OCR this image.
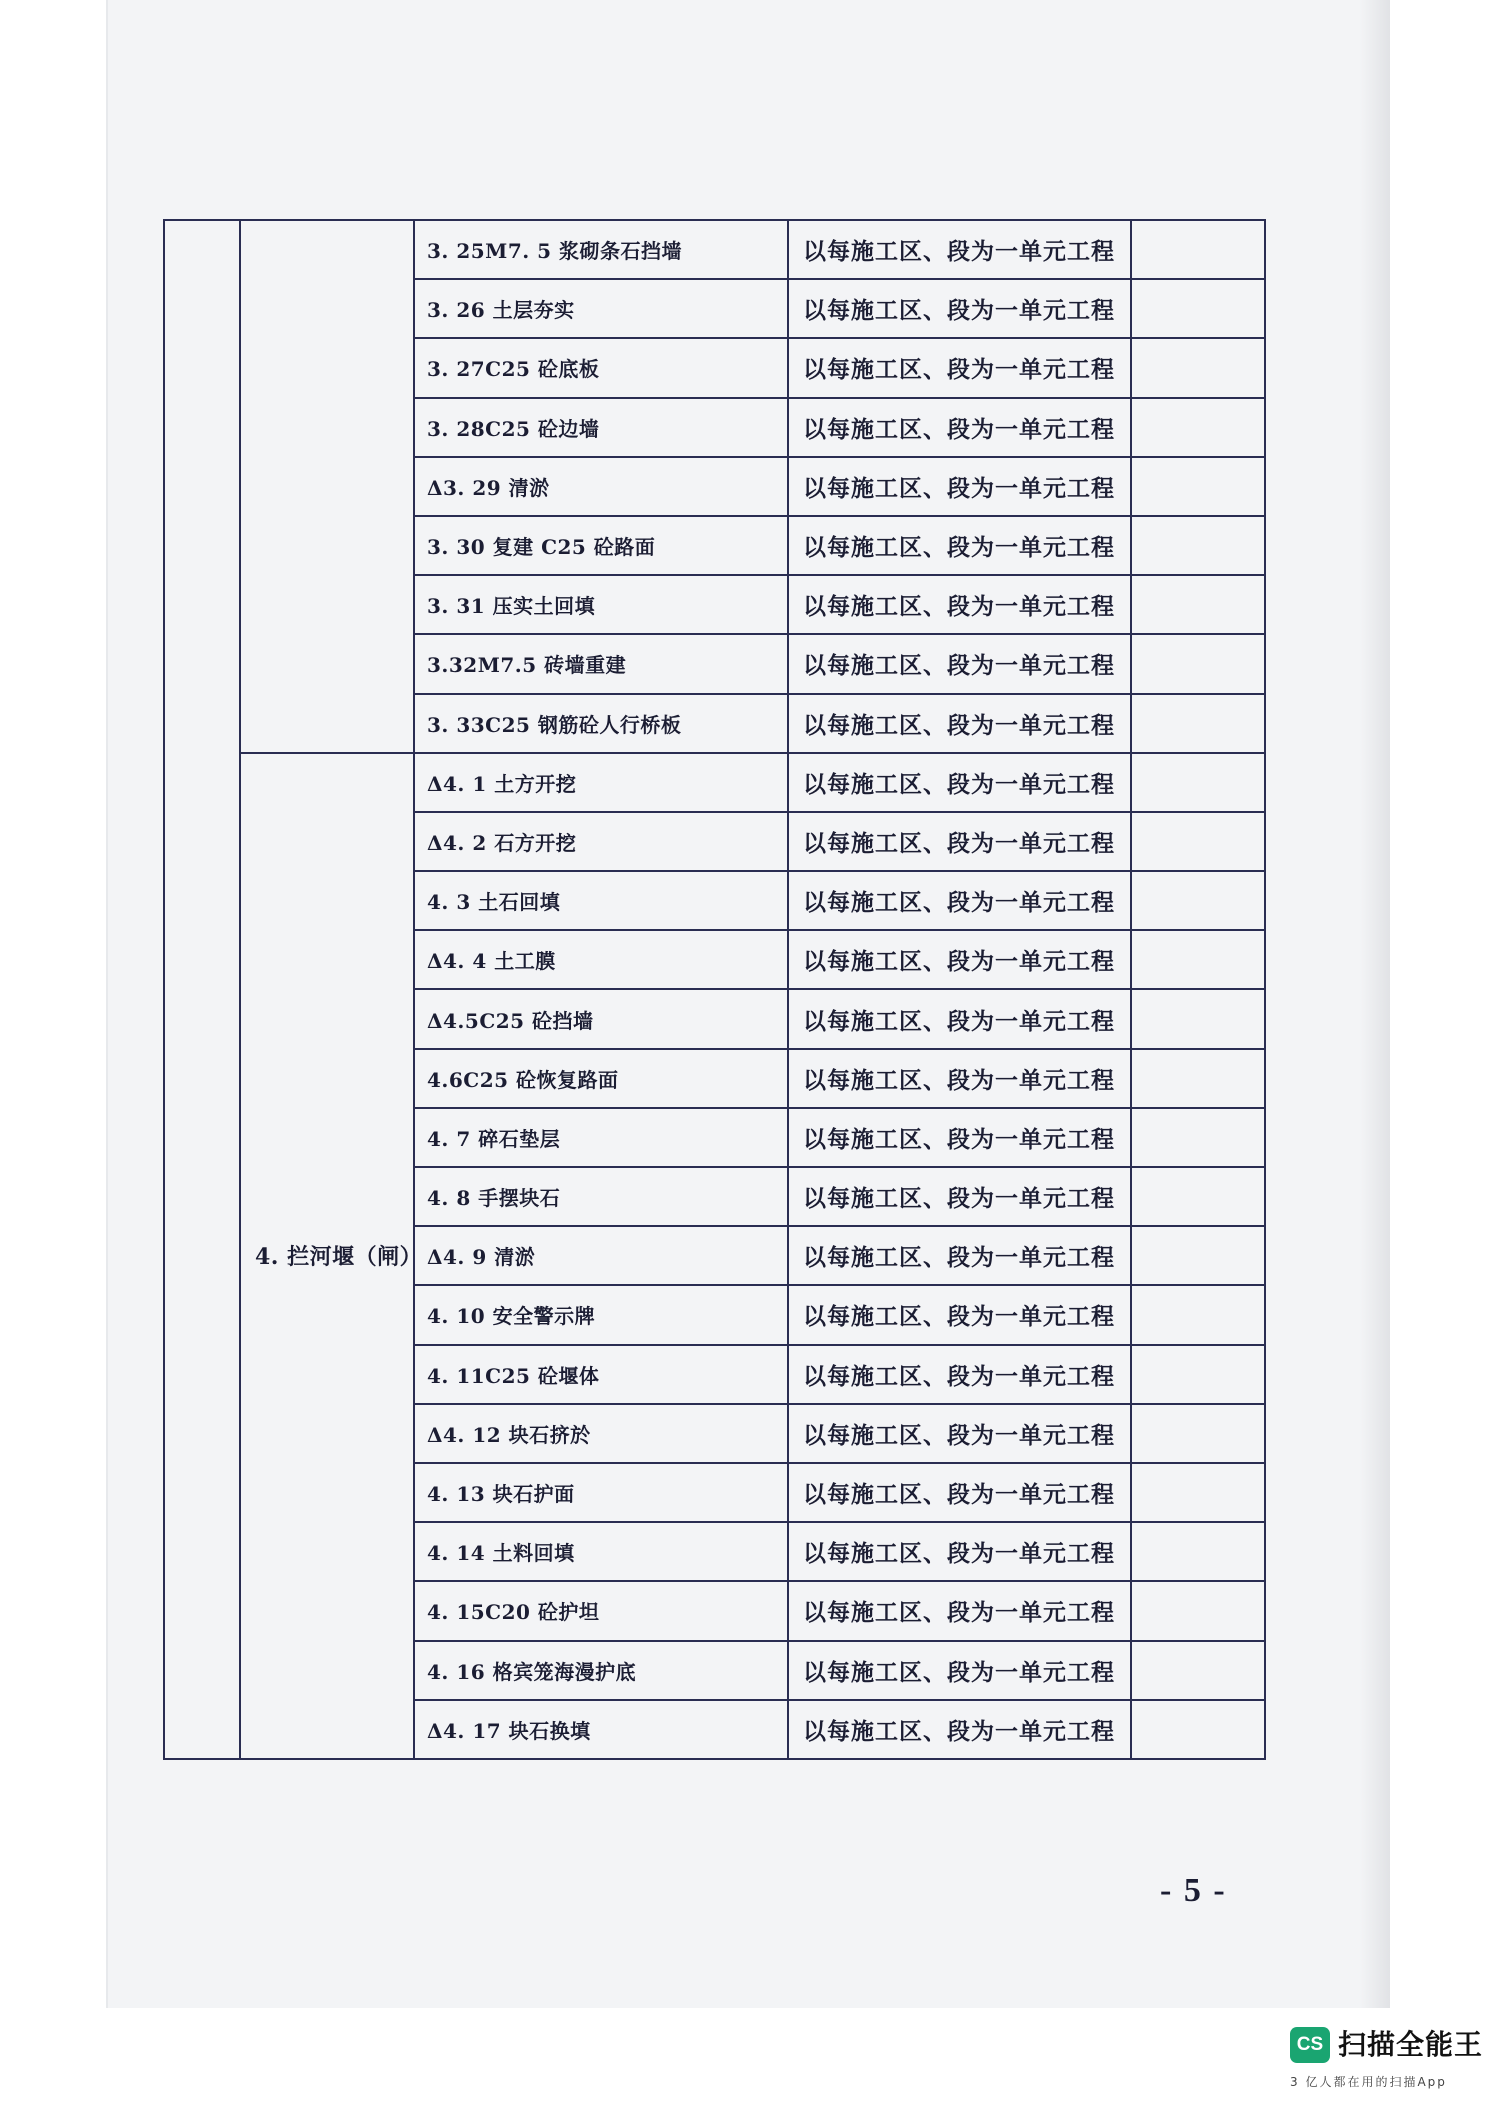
		3. 25M7. 5 浆砌条石挡墙	以每施工区、段为一单元工程	
		3. 26 土层夯实	以每施工区、段为一单元工程	
		3. 27C25 砼底板	以每施工区、段为一单元工程	
		3. 28C25 砼边墙	以每施工区、段为一单元工程	
		Δ3. 29 清淤	以每施工区、段为一单元工程	
		3. 30 复建 C25 砼路面	以每施工区、段为一单元工程	
		3. 31 压实土回填	以每施工区、段为一单元工程	
		3.32M7.5 砖墙重建	以每施工区、段为一单元工程	
		3. 33C25 钢筋砼人行桥板	以每施工区、段为一单元工程	
	4. 拦河堰（闸）	Δ4. 1 土方开挖	以每施工区、段为一单元工程	
		Δ4. 2 石方开挖	以每施工区、段为一单元工程	
		4. 3 土石回填	以每施工区、段为一单元工程	
		Δ4. 4 土工膜	以每施工区、段为一单元工程	
		Δ4.5C25 砼挡墙	以每施工区、段为一单元工程	
		4.6C25 砼恢复路面	以每施工区、段为一单元工程	
		4. 7 碎石垫层	以每施工区、段为一单元工程	
		4. 8 手摆块石	以每施工区、段为一单元工程	
		Δ4. 9 清淤	以每施工区、段为一单元工程	
		4. 10 安全警示牌	以每施工区、段为一单元工程	
		4. 11C25 砼堰体	以每施工区、段为一单元工程	
		Δ4. 12 块石挤於	以每施工区、段为一单元工程	
		4. 13 块石护面	以每施工区、段为一单元工程	
		4. 14 土料回填	以每施工区、段为一单元工程	
		4. 15C20 砼护坦	以每施工区、段为一单元工程	
		4. 16 格宾笼海漫护底	以每施工区、段为一单元工程	
		Δ4. 17 块石换填	以每施工区、段为一单元工程	
- 5 -
CS 扫描全能王
3 亿人都在用的扫描App
